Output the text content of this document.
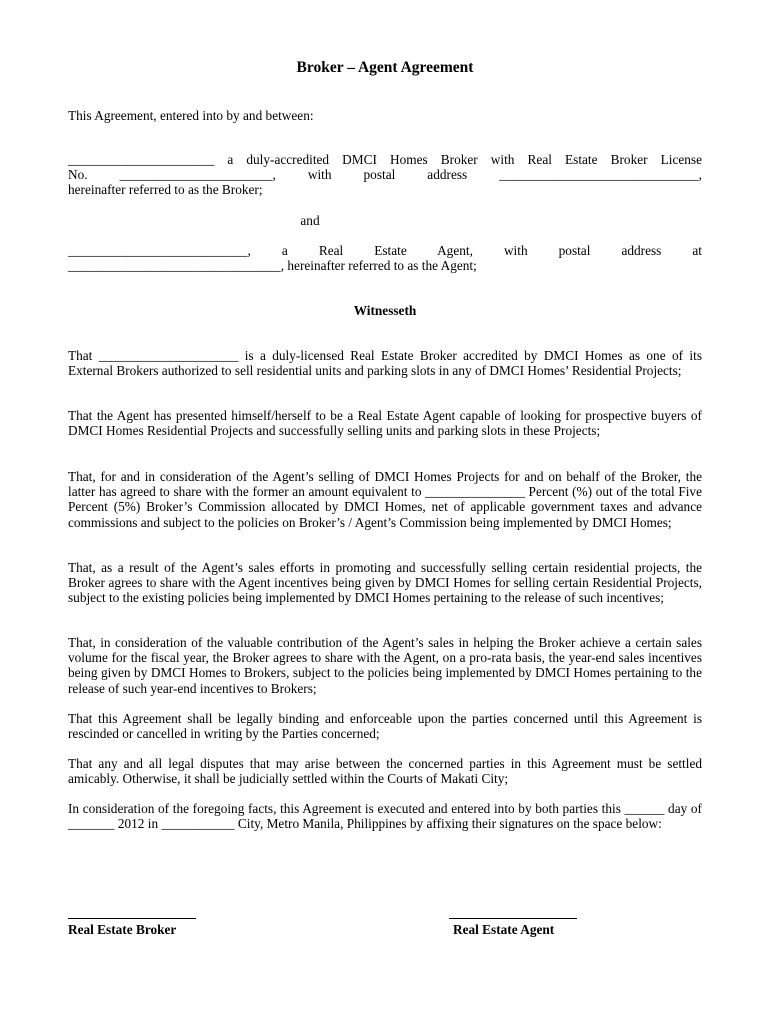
Broker – Agent Agreement

This Agreement, entered into by and between:

______________________ a duly-accredited DMCI Homes Broker with Real Estate Broker License
No. _______________________, with postal address ______________________________,
hereinafter referred to as the Broker;

and

___________________________, a Real Estate Agent, with postal address at
________________________________, hereinafter referred to as the Agent;

Witnesseth

That _____________________ is a duly-licensed Real Estate Broker accredited by DMCI Homes as one of its External Brokers authorized to sell residential units and parking slots in any of DMCI Homes’ Residential Projects;

That the Agent has presented himself/herself to be a Real Estate Agent capable of looking for prospective buyers of DMCI Homes Residential Projects and successfully selling units and parking slots in these Projects;

That, for and in consideration of the Agent’s selling of DMCI Homes Projects for and on behalf of the Broker, the latter has agreed to share with the former an amount equivalent to _______________ Percent (%) out of the total Five Percent (5%) Broker’s Commission allocated by DMCI Homes, net of applicable government taxes and advance commissions and subject to the policies on Broker’s / Agent’s Commission being implemented by DMCI Homes;

That, as a result of the Agent’s sales efforts in promoting and successfully selling certain residential projects, the Broker agrees to share with the Agent incentives being given by DMCI Homes for selling certain Residential Projects, subject to the existing policies being implemented by DMCI Homes pertaining to the release of such incentives;

That, in consideration of the valuable contribution of the Agent’s sales in helping the Broker achieve a certain sales volume for the fiscal year, the Broker agrees to share with the Agent, on a pro-rata basis, the year-end sales incentives being given by DMCI Homes to Brokers, subject to the policies being implemented by DMCI Homes pertaining to the release of such year-end incentives to Brokers;

That this Agreement shall be legally binding and enforceable upon the parties concerned until this Agreement is rescinded or cancelled in writing by the Parties concerned;

That any and all legal disputes that may arise between the concerned parties in this Agreement must be settled amicably. Otherwise, it shall be judicially settled within the Courts of Makati City;

In consideration of the foregoing facts, this Agreement is executed and entered into by both parties this ______ day of _______ 2012 in ___________ City, Metro Manila, Philippines by affixing their signatures on the space below:

Real Estate Broker	Real Estate Agent
